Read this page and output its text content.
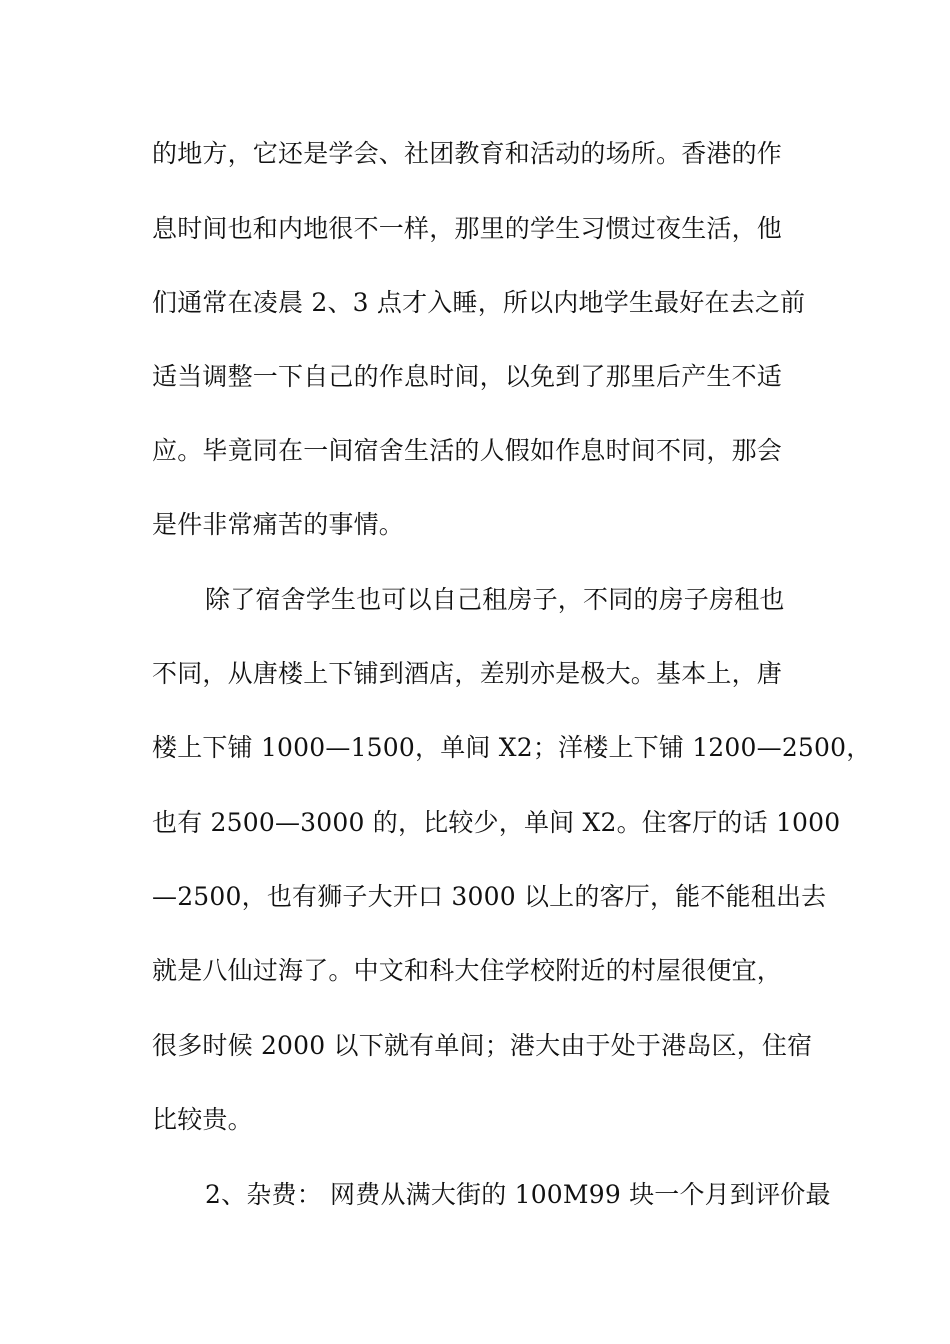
的地方，它还是学会、社团教育和活动的场所。香港的作
息时间也和内地很不一样，那里的学生习惯过夜生活，他
们通常在凌晨 2、3 点才入睡，所以内地学生最好在去之前
适当调整一下自己的作息时间，以免到了那里后产生不适
应。毕竟同在一间宿舍生活的人假如作息时间不同，那会
是件非常痛苦的事情。
除了宿舍学生也可以自己租房子，不同的房子房租也
不同，从唐楼上下铺到酒店，差别亦是极大。基本上，唐
楼上下铺 1000—1500，单间 X2；洋楼上下铺 1200—2500，
也有 2500—3000 的，比较少，单间 X2。住客厅的话 1000
—2500，也有狮子大开口 3000 以上的客厅，能不能租出去
就是八仙过海了。中文和科大住学校附近的村屋很便宜，
很多时候 2000 以下就有单间；港大由于处于港岛区，住宿
比较贵。
2、杂费： 网费从满大街的 100M99 块一个月到评价最
